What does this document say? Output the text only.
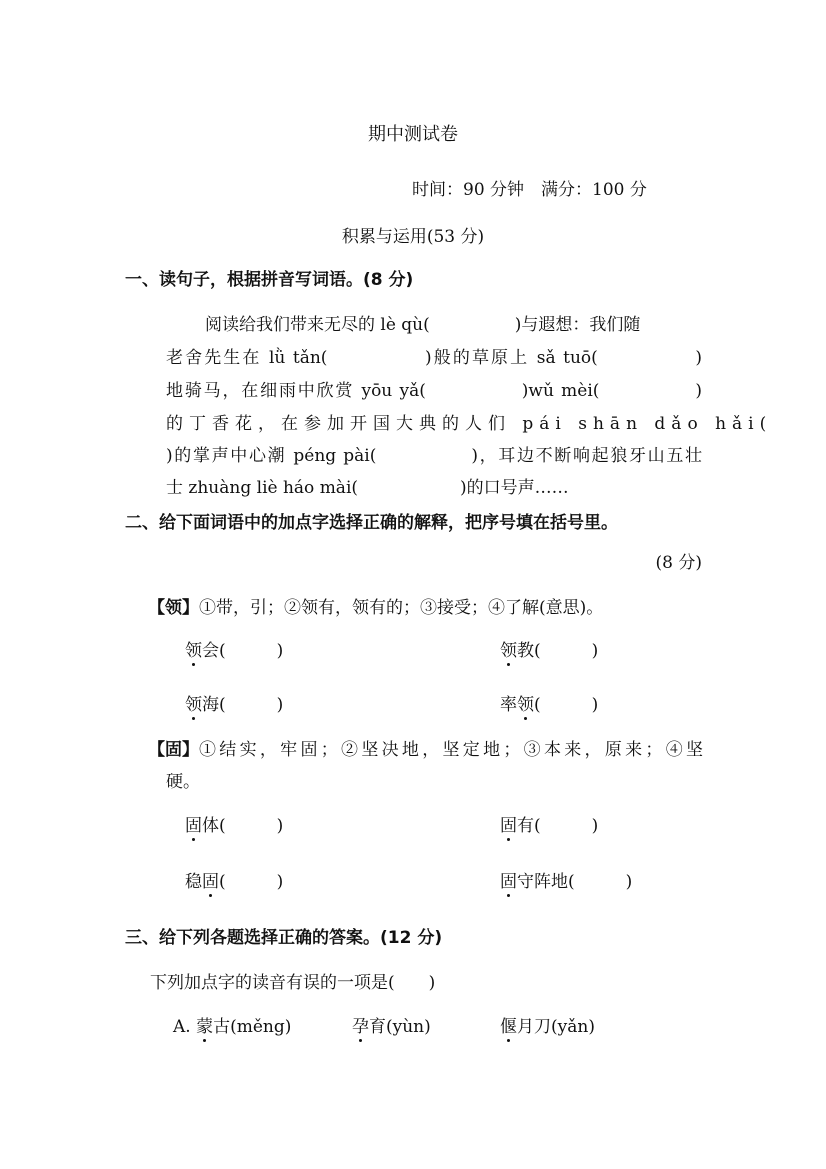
期中测试卷
时间：90 分钟　满分：100 分
积累与运用(53 分)
一、读句子，根据拼音写词语。(8 分)
阅读给我们带来无尽的 lè qù(　　　　　)与遐想：我们随
老舍先生在 lǜ tǎn(　　　　　)般的草原上 sǎ tuō(　　　　　)
地骑马，在细雨中欣赏 yōu yǎ(　　　　　)wǔ mèi(　　　　　)
的丁香花，在参加开国大典的人们 pái shān dǎo hǎi(
)的掌声中心潮 péng pài(　　　　　)，耳边不断响起狼牙山五壮
士 zhuàng liè háo mài(　　　　　　)的口号声……
二、给下面词语中的加点字选择正确的解释，把序号填在括号里。
(8 分)
【领】①带，引；②领有，领有的；③接受；④了解(意思)。
领会(　　　)	领教(　　　)
领海(　　　)	率领(　　　)
【固】 ①结实，牢固；②坚决地，坚定地；③本来，原来；④坚
硬。
固体(　　　)	固有(　　　)
稳固(　　　)	固守阵地(　　　)
三、给下列各题选择正确的答案。(12 分)
下列加点字的读音有误的一项是(　　)
A. 蒙古(měng)	孕育(yùn)	偃月刀(yǎn)
